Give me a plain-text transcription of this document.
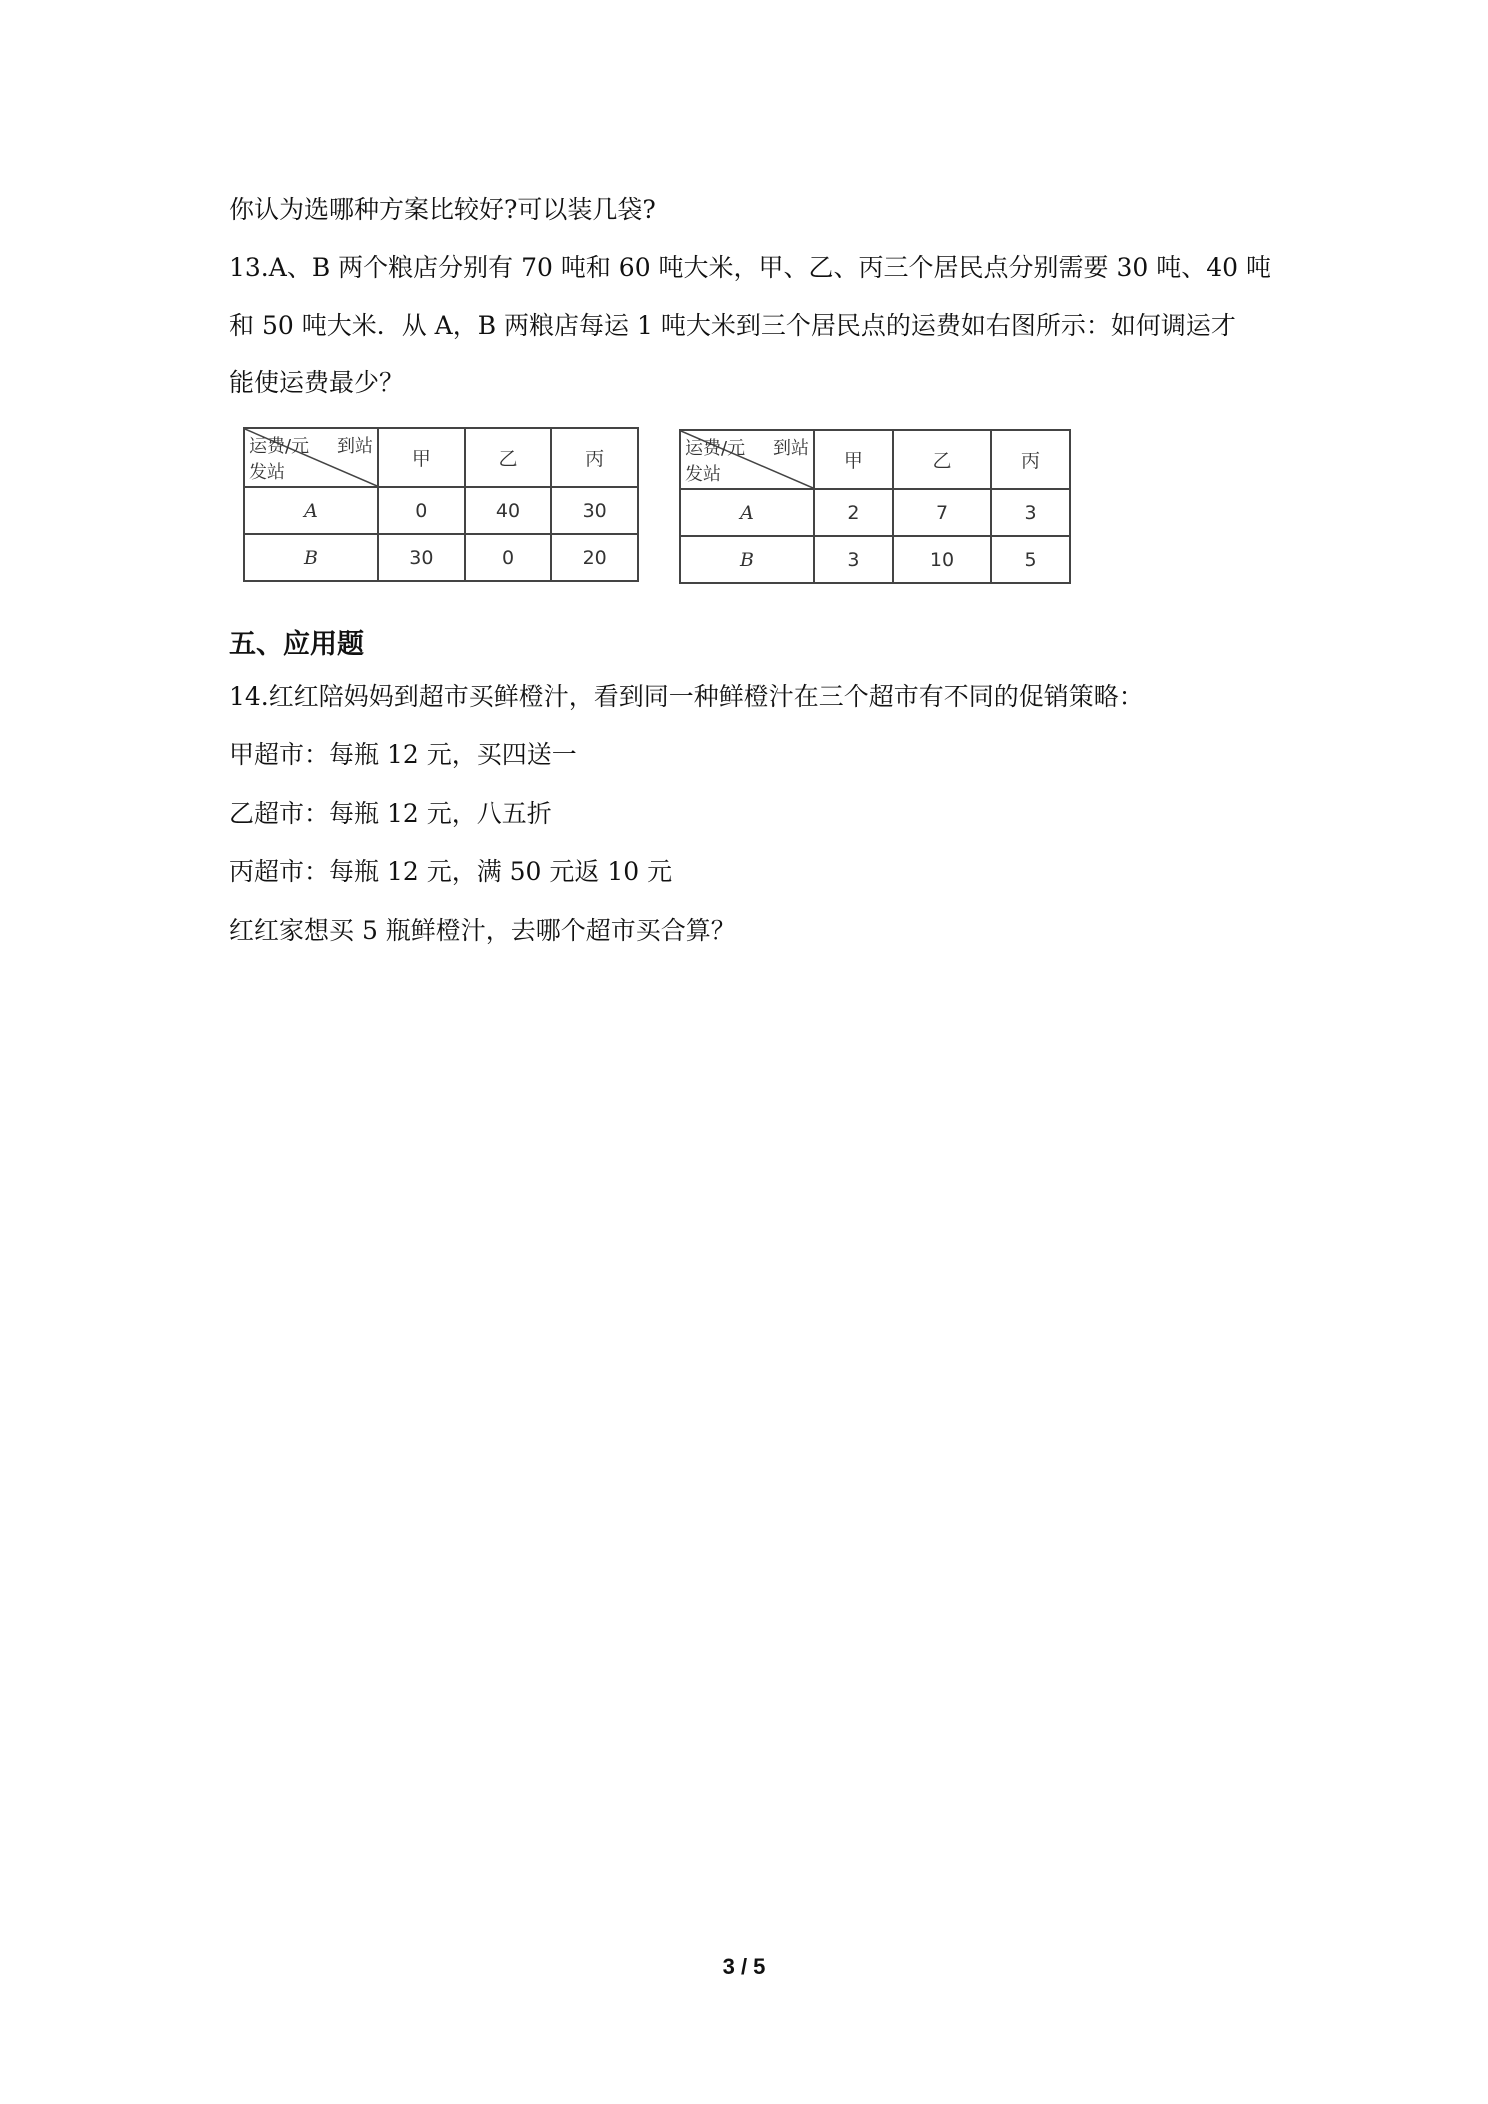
你认为选哪种方案比较好?可以装几袋?
13.A、B 两个粮店分别有 70 吨和 60 吨大米，甲、乙、丙三个居民点分别需要 30 吨、40 吨
和 50 吨大米．从 A，B 两粮店每运 1 吨大米到三个居民点的运费如右图所示：如何调运才
能使运费最少？
运费/元 到站
发站	甲	乙	丙
A	0	40	30
B	30	0	20
运费/元 到站
发站	甲	乙	丙
A	2	7	3
B	3	10	5
五、应用题
14.红红陪妈妈到超市买鲜橙汁，看到同一种鲜橙汁在三个超市有不同的促销策略：
甲超市：每瓶 12 元，买四送一
乙超市：每瓶 12 元，八五折
丙超市：每瓶 12 元，满 50 元返 10 元
红红家想买 5 瓶鲜橙汁，去哪个超市买合算？
3 / 5
